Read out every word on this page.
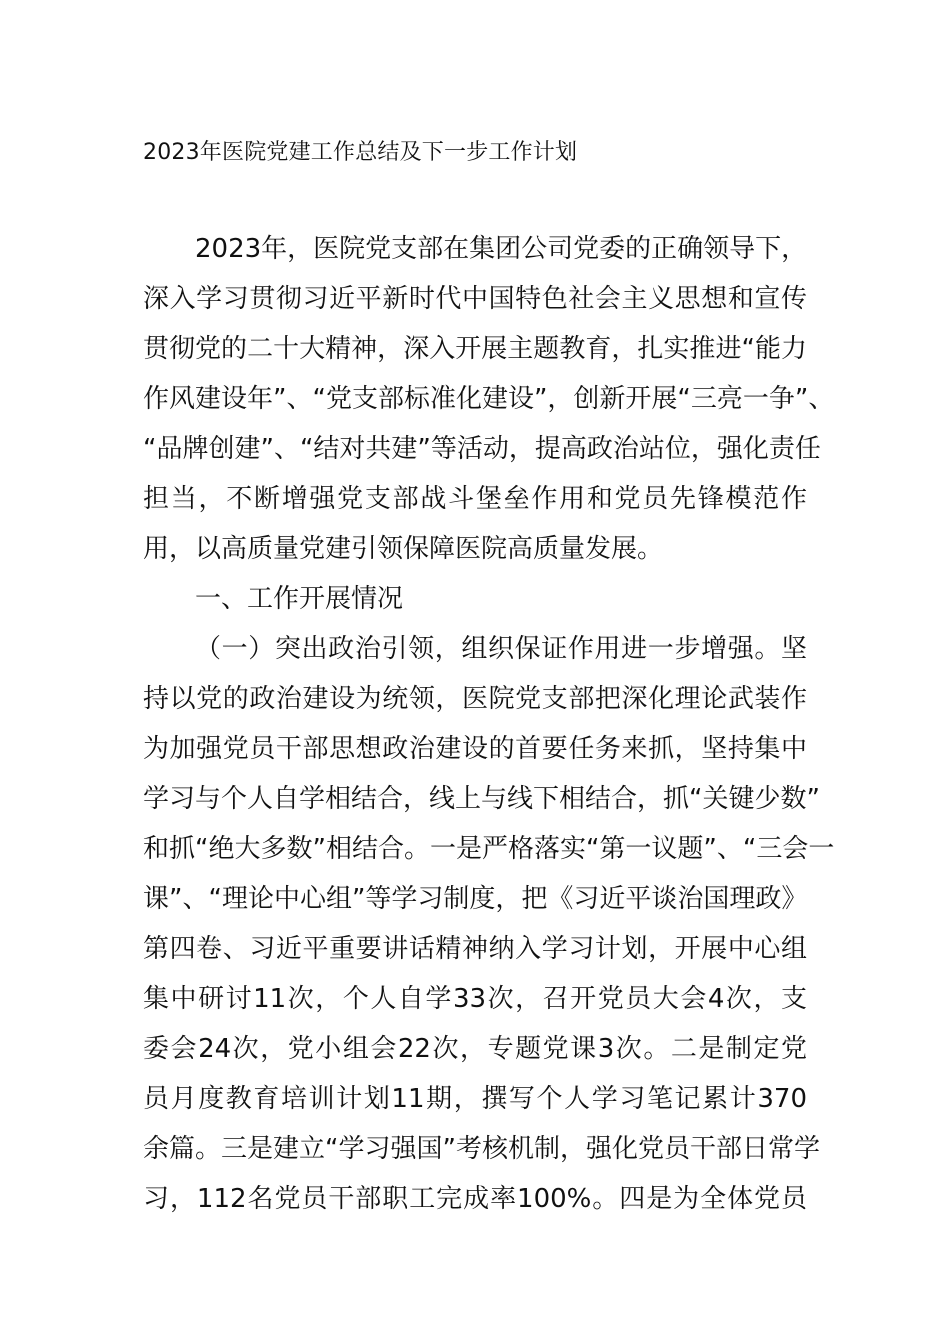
2023年医院党建工作总结及下一步工作计划

2023年，医院党支部在集团公司党委的正确领导下，

深入学习贯彻习近平新时代中国特色社会主义思想和宣传

贯彻党的二十大精神，深入开展主题教育，扎实推进“能力

作风建设年”、“党支部标准化建设”，创新开展“三亮一争”、

“品牌创建”、“结对共建”等活动，提高政治站位，强化责任

担当，不断增强党支部战斗堡垒作用和党员先锋模范作

用，以高质量党建引领保障医院高质量发展。

一、工作开展情况

（一）突出政治引领，组织保证作用进一步增强。坚

持以党的政治建设为统领，医院党支部把深化理论武装作

为加强党员干部思想政治建设的首要任务来抓，坚持集中

学习与个人自学相结合，线上与线下相结合，抓“关键少数”

和抓“绝大多数”相结合。一是严格落实“第一议题”、“三会一

课”、“理论中心组”等学习制度，把《习近平谈治国理政》

第四卷、习近平重要讲话精神纳入学习计划，开展中心组

集中研讨11次，个人自学33次，召开党员大会4次，支

委会24次，党小组会22次，专题党课3次。二是制定党

员月度教育培训计划11期，撰写个人学习笔记累计370

余篇。三是建立“学习强国”考核机制，强化党员干部日常学

习，112名党员干部职工完成率100%。四是为全体党员
